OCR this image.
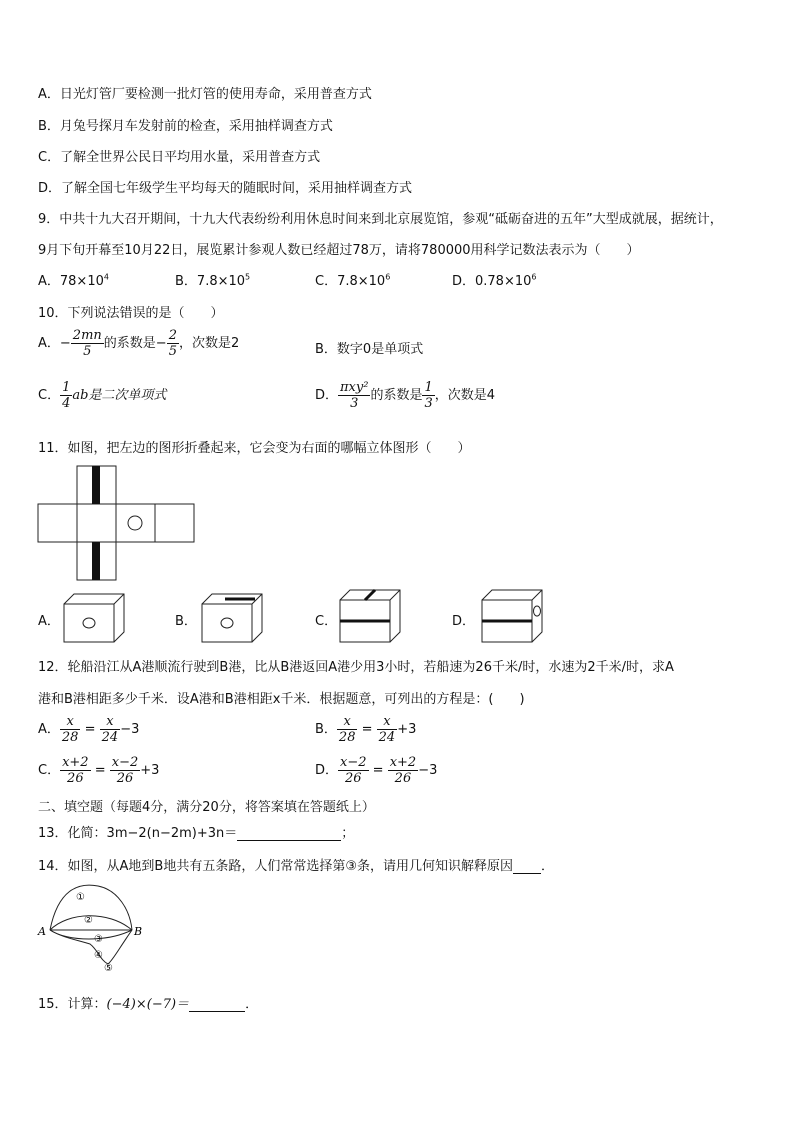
A．日光灯管厂要检测一批灯管的使用寿命，采用普查方式
B．月兔号探月车发射前的检查，采用抽样调查方式
C．了解全世界公民日平均用水量，采用普查方式
D．了解全国七年级学生平均每天的随眠时间，采用抽样调查方式
9．中共十九大召开期间，十九大代表纷纷利用休息时间来到北京展览馆，参观“砥砺奋进的五年”大型成就展，据统计，
9月下旬开幕至10月22日，展览累计参观人数已经超过78万，请将780000用科学记数法表示为（　　）
A．$78\times 10^4$	B．$7.8\times 10^5$	C．$7.8\times 10^6$	D．$0.78\times 10^6$
10．下列说法错误的是（　　）
A．− $\frac{2mn}{5}$ 的系数是− $\frac{2}{5}$ ，次数是2	B．数字0是单项式
C． $\frac{1}{4}$ ab是二次单项式	D． $\frac{\text{πxy²}}{3}$ 的系数是 $\frac{1}{3}$ ，次数是4
11．如图，把左边的图形折叠起来，它会变为右面的哪幅立体图形（　　）
A．	B．	C．	D．
12．轮船沿江从A港顺流行驶到B港，比从B港返回A港少用3小时，若船速为26千米/时，水速为2千米/时，求A
港和B港相距多少千米．设A港和B港相距x千米．根据题意，可列出的方程是：(　　)
A． $\frac{x}{28} = \frac{x}{24} -3$	B． $\frac{x}{28} = \frac{x}{24} +3$
C． $\frac{x+2}{26} = \frac{x-2}{26} +3$	D． $\frac{x-2}{26} = \frac{x+2}{26} -3$
二、填空题（每题4分，满分20分，将答案填在答题纸上）
13．化简：3m−2(n−2m)+3n＝	；
14．如图，从A地到B地共有五条路，人们常常选择第③条，请用几何知识解释原因 ．
A	B
①
②
③
④
⑤
15．计算：(−4)×(−7)＝	．
